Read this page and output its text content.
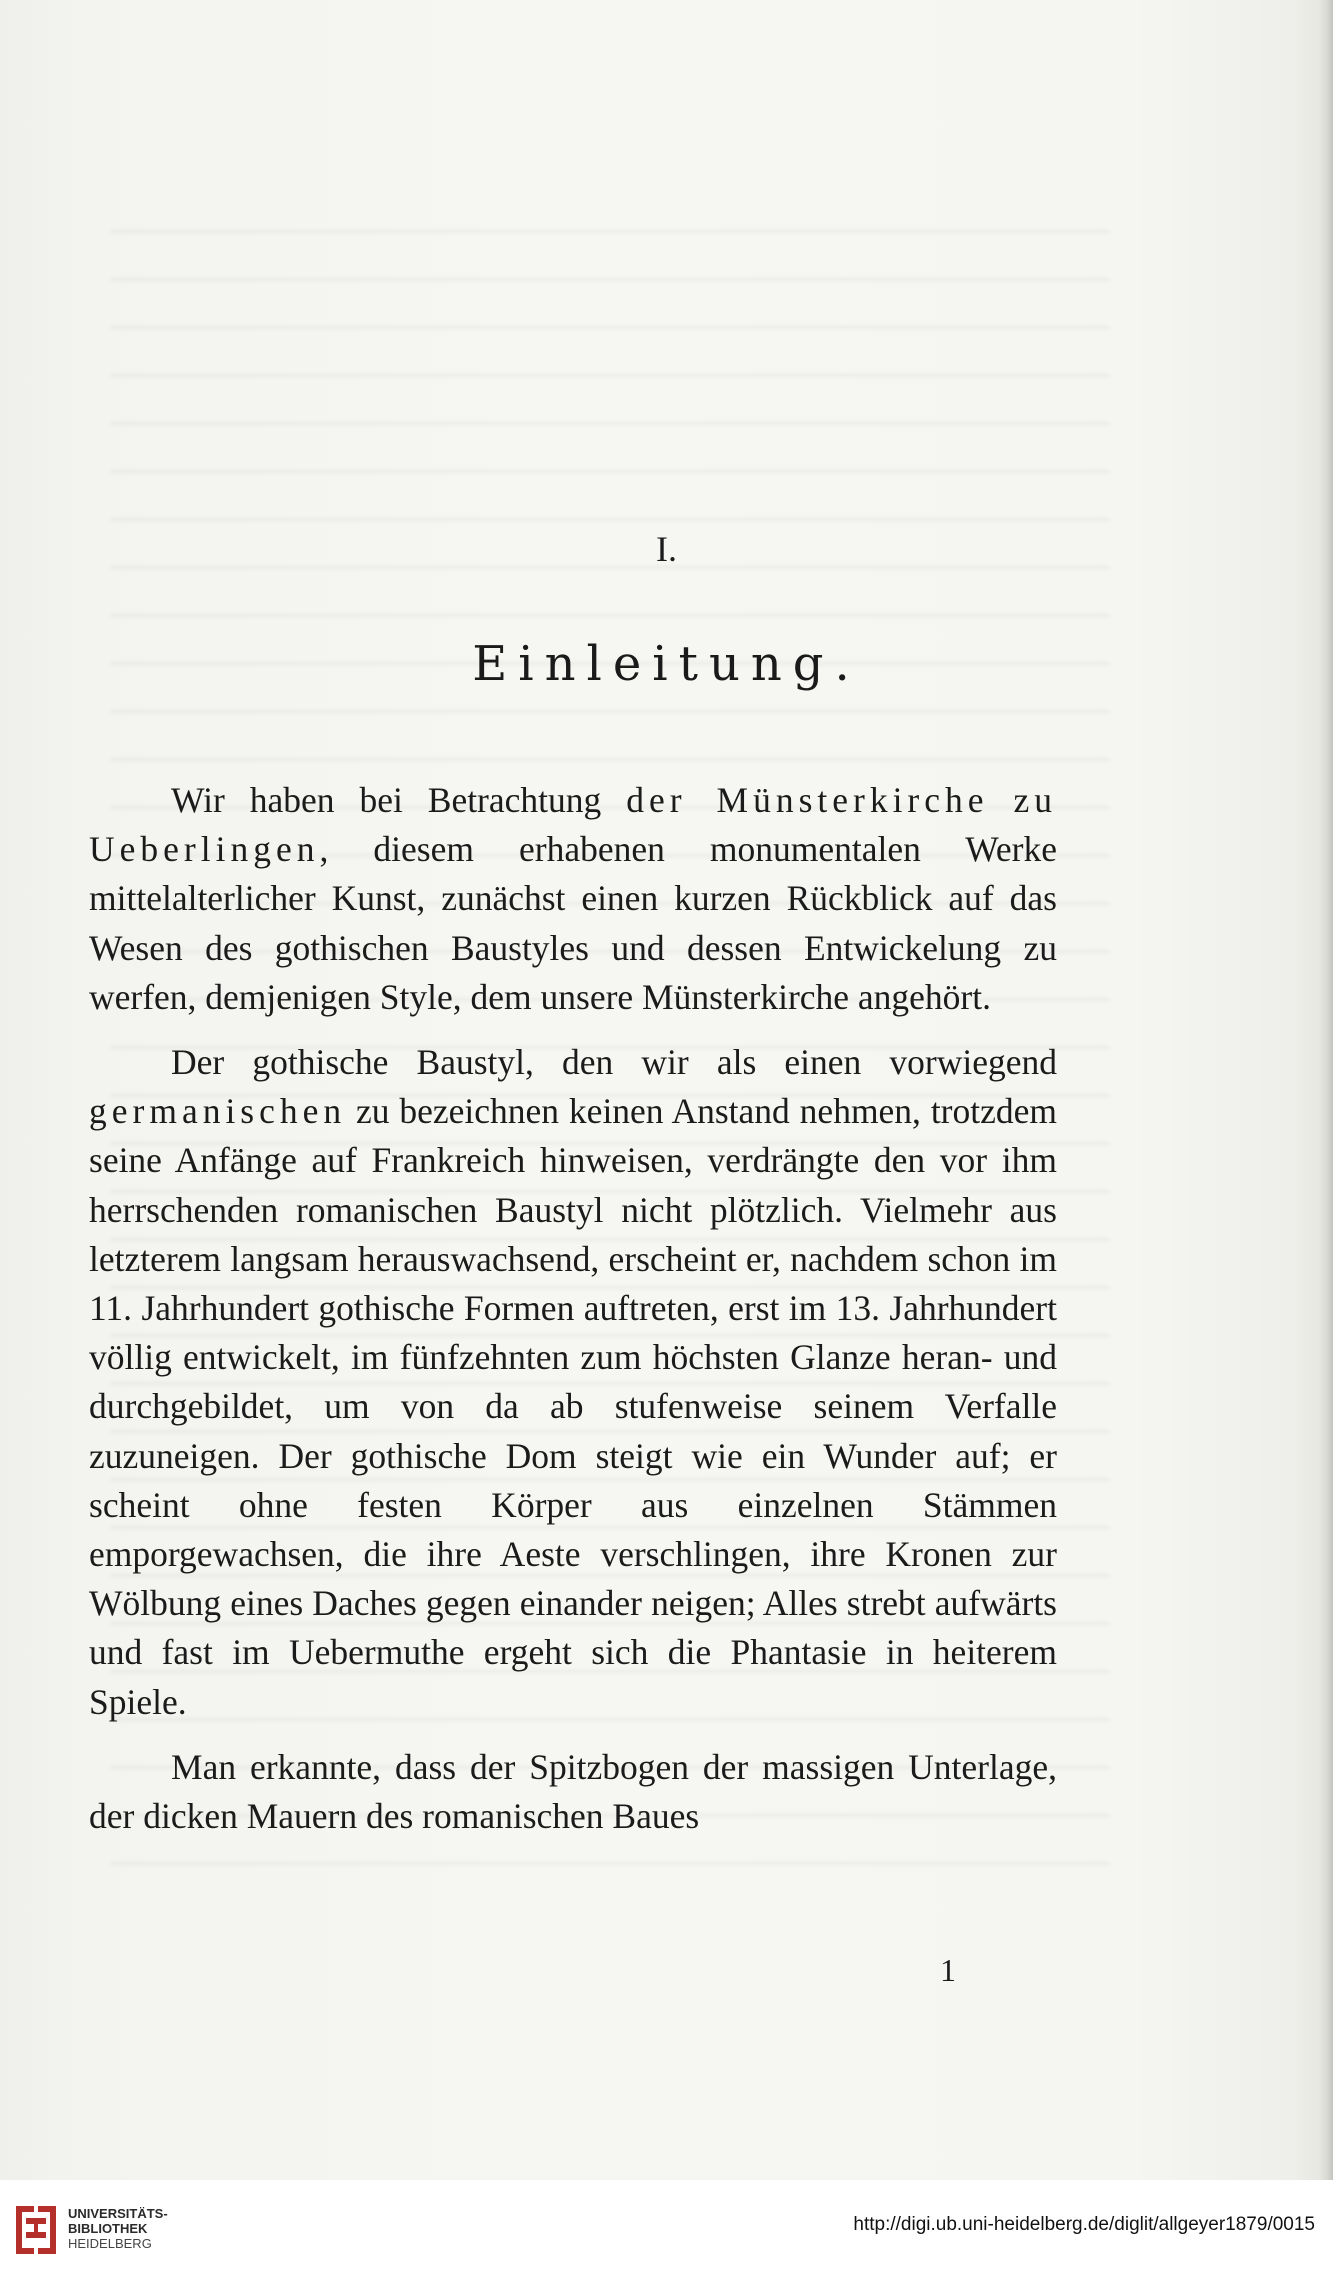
I.
Einleitung.

Wir haben bei Betrachtung der Münsterkirche zu Ueberlingen, diesem erhabenen monumentalen Werke mittelalterlicher Kunst, zunächst einen kurzen Rückblick auf das Wesen des gothischen Baustyles und dessen Entwickelung zu werfen, demjenigen Style, dem unsere Münsterkirche angehört.

Der gothische Baustyl, den wir als einen vorwiegend germanischen zu bezeichnen keinen Anstand nehmen, trotzdem seine Anfänge auf Frankreich hinweisen, verdrängte den vor ihm herrschenden romanischen Baustyl nicht plötzlich. Vielmehr aus letzterem langsam herauswachsend, erscheint er, nachdem schon im 11. Jahrhundert gothische Formen auftreten, erst im 13. Jahrhundert völlig entwickelt, im fünfzehnten zum höchsten Glanze heran- und durchgebildet, um von da ab stufenweise seinem Verfalle zuzuneigen. Der gothische Dom steigt wie ein Wunder auf; er scheint ohne festen Körper aus einzelnen Stämmen emporgewachsen, die ihre Aeste verschlingen, ihre Kronen zur Wölbung eines Daches gegen einander neigen; Alles strebt aufwärts und fast im Uebermuthe ergeht sich die Phantasie in heiterem Spiele.

Man erkannte, dass der Spitzbogen der massigen Unterlage, der dicken Mauern des romanischen Baues

1

UNIVERSITÄTS-
BIBLIOTHEK
HEIDELBERG
http://digi.ub.uni-heidelberg.de/diglit/allgeyer1879/0015
